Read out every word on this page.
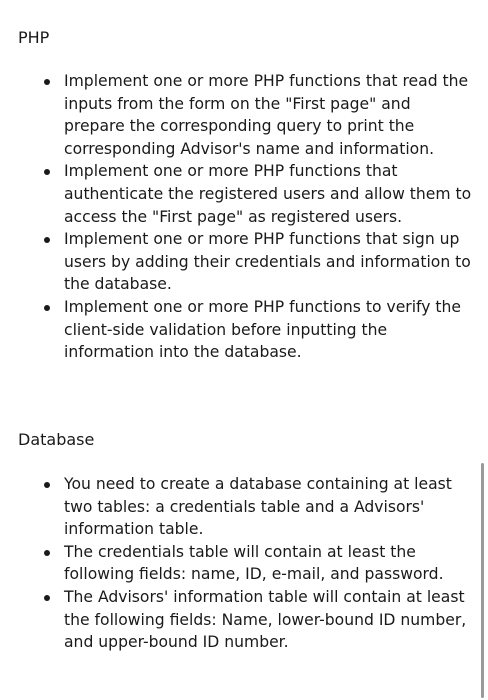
PHP
Implement one or more PHP functions that read the inputs from the form on the "First page" and prepare the corresponding query to print the corresponding Advisor's name and information.
Implement one or more PHP functions that authenticate the registered users and allow them to access the "First page" as registered users.
Implement one or more PHP functions that sign up users by adding their credentials and information to the database.
Implement one or more PHP functions to verify the client-side validation before inputting the information into the database.
Database
You need to create a database containing at least two tables: a credentials table and a Advisors' information table.
The credentials table will contain at least the following fields: name, ID, e-mail, and password.
The Advisors' information table will contain at least the following fields: Name, lower-bound ID number, and upper-bound ID number.
